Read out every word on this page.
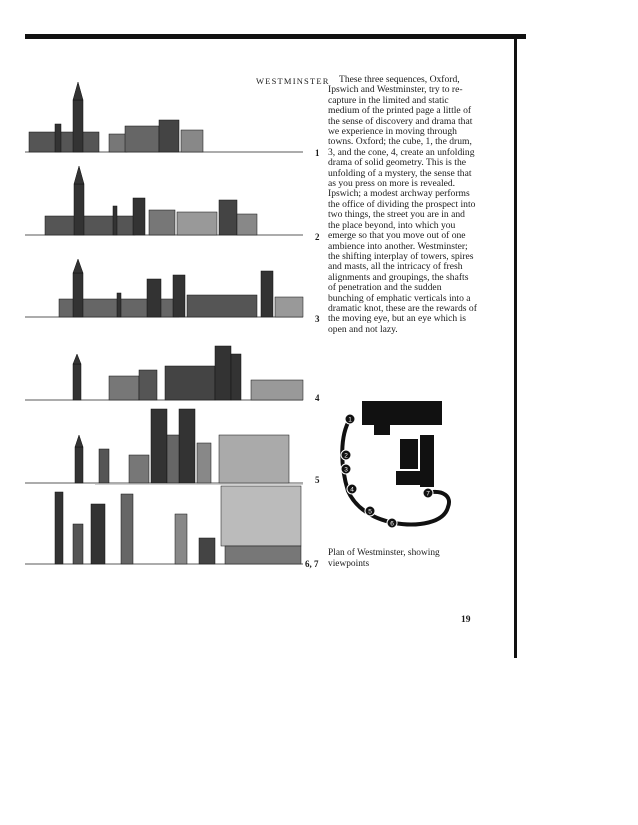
WESTMINSTER These three sequences, Oxford, Ipswich and Westminster, try to re-capture in the limited and static medium of the printed page a little of the sense of discovery and drama that we experience in moving through towns. Oxford; the cube, 1, the drum, 3, and the cone, 4, create an unfolding drama of solid geometry. This is the unfolding of a mystery, the sense that as you press on more is revealed. Ipswich; a modest archway performs the office of dividing the prospect into two things, the street you are in and the place beyond, into which you emerge so that you move out of one ambience into another. Westminster; the shifting interplay of towers, spires and masts, all the intricacy of fresh alignments and groupings, the shafts of penetration and the sudden bunching of emphatic verticals into a dramatic knot, these are the rewards of the moving eye, but an eye which is open and not lazy.

1
2
3
4
5
6, 7
1
2
3
4
5
6
7
Plan of Westminster, showing viewpoints
19
